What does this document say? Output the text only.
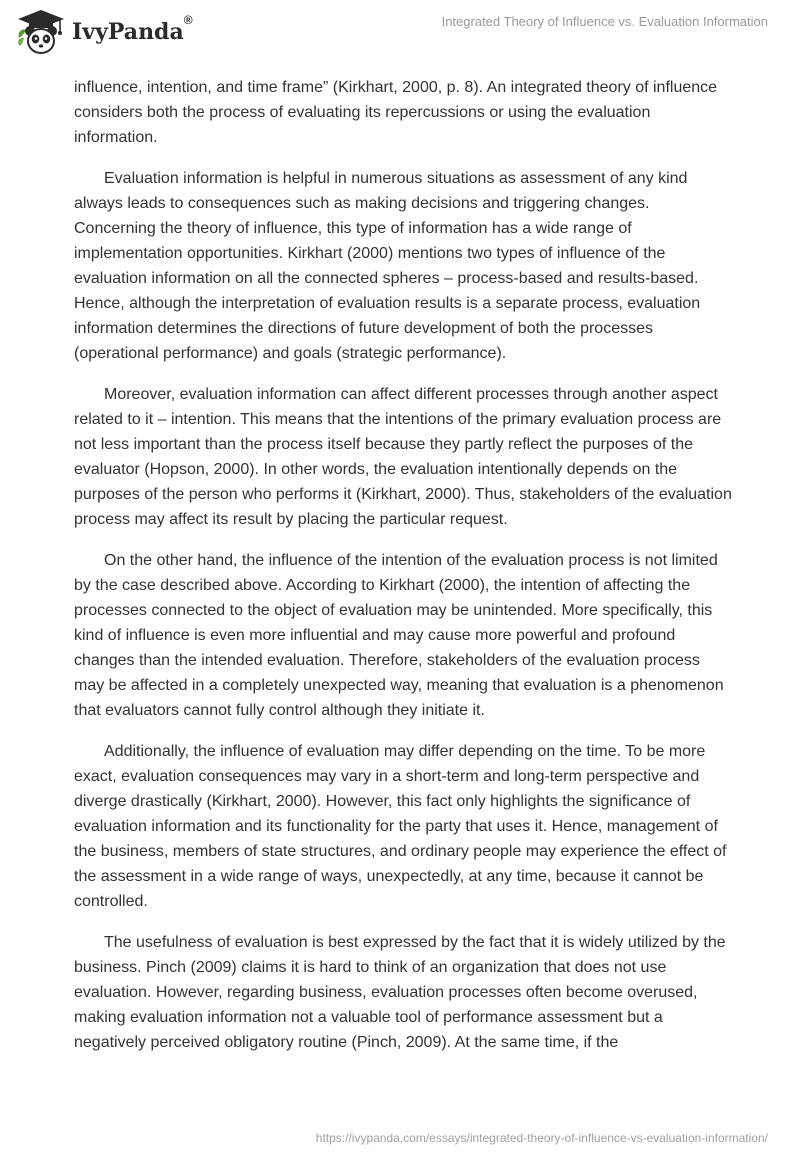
IvyPanda®	Integrated Theory of Influence vs. Evaluation Information

influence, intention, and time frame” (Kirkhart, 2000, p. 8). An integrated theory of influence considers both the process of evaluating its repercussions or using the evaluation information.

Evaluation information is helpful in numerous situations as assessment of any kind always leads to consequences such as making decisions and triggering changes. Concerning the theory of influence, this type of information has a wide range of implementation opportunities. Kirkhart (2000) mentions two types of influence of the evaluation information on all the connected spheres – process-based and results-based. Hence, although the interpretation of evaluation results is a separate process, evaluation information determines the directions of future development of both the processes (operational performance) and goals (strategic performance).

Moreover, evaluation information can affect different processes through another aspect related to it – intention. This means that the intentions of the primary evaluation process are not less important than the process itself because they partly reflect the purposes of the evaluator (Hopson, 2000). In other words, the evaluation intentionally depends on the purposes of the person who performs it (Kirkhart, 2000). Thus, stakeholders of the evaluation process may affect its result by placing the particular request.

On the other hand, the influence of the intention of the evaluation process is not limited by the case described above. According to Kirkhart (2000), the intention of affecting the processes connected to the object of evaluation may be unintended. More specifically, this kind of influence is even more influential and may cause more powerful and profound changes than the intended evaluation. Therefore, stakeholders of the evaluation process may be affected in a completely unexpected way, meaning that evaluation is a phenomenon that evaluators cannot fully control although they initiate it.

Additionally, the influence of evaluation may differ depending on the time. To be more exact, evaluation consequences may vary in a short-term and long-term perspective and diverge drastically (Kirkhart, 2000). However, this fact only highlights the significance of evaluation information and its functionality for the party that uses it. Hence, management of the business, members of state structures, and ordinary people may experience the effect of the assessment in a wide range of ways, unexpectedly, at any time, because it cannot be controlled.

The usefulness of evaluation is best expressed by the fact that it is widely utilized by the business. Pinch (2009) claims it is hard to think of an organization that does not use evaluation. However, regarding business, evaluation processes often become overused, making evaluation information not a valuable tool of performance assessment but a negatively perceived obligatory routine (Pinch, 2009). At the same time, if the

https://ivypanda.com/essays/integrated-theory-of-influence-vs-evaluation-information/
